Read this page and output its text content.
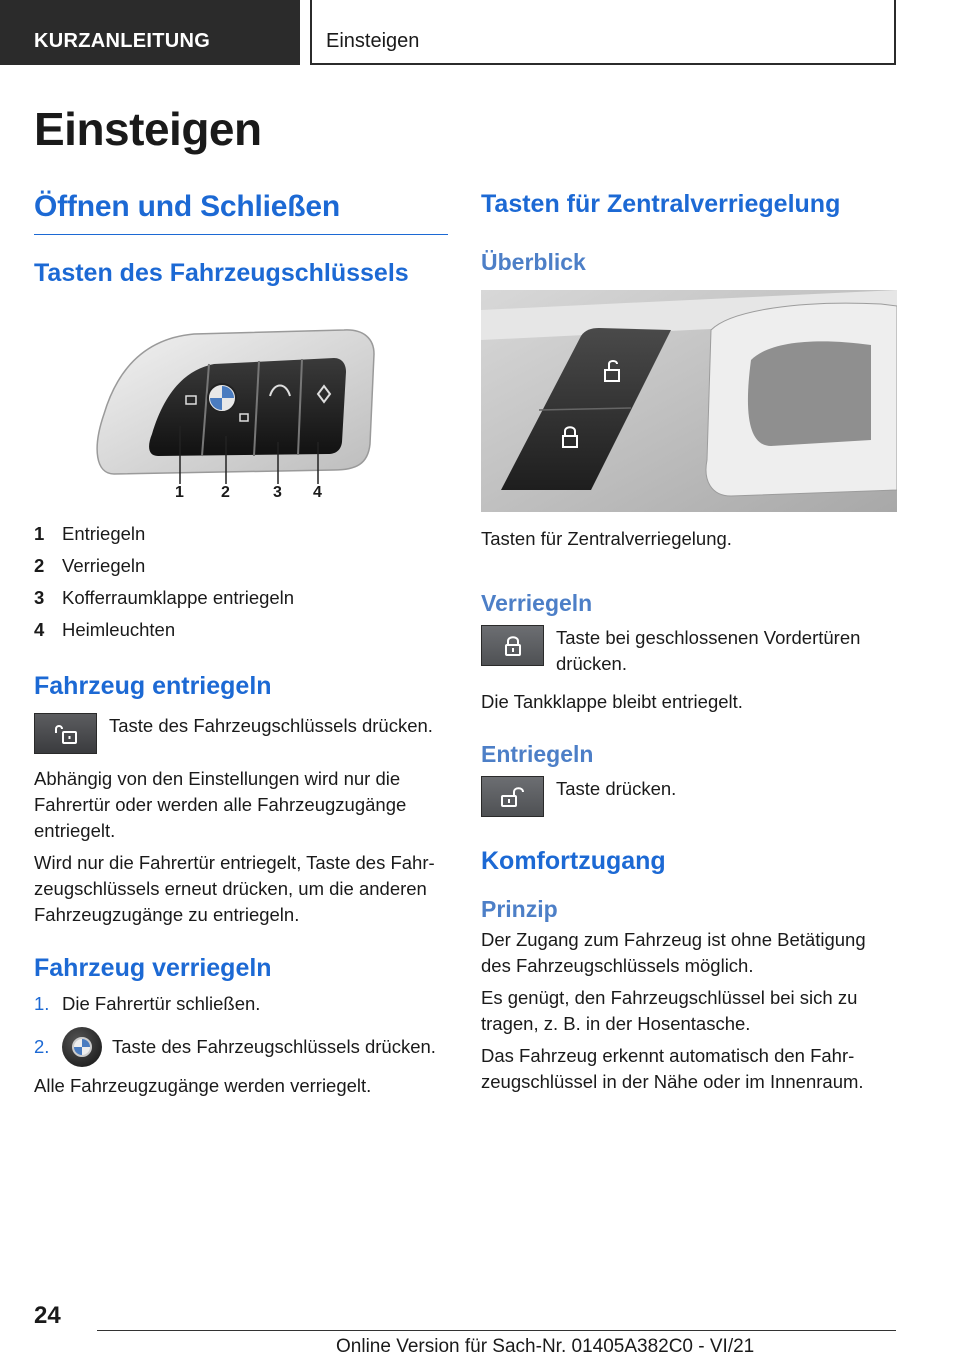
KURZANLEITUNG	Einsteigen
Einsteigen
Öffnen und Schließen
Tasten des Fahrzeugschlüssels
1 2	3 4
1 Entriegeln
2 Verriegeln
3 Kofferraumklappe entriegeln
4 Heimleuchten
Fahrzeug entriegeln
Taste des Fahrzeugschlüssels drücken.
Abhängig von den Einstellungen wird nur die Fahrertür oder werden alle Fahrzeugzugänge entriegelt.
Wird nur die Fahrertür entriegelt, Taste des Fahrzeugschlüssels erneut drücken, um die anderen Fahrzeugzugänge zu entriegeln.
Fahrzeug verriegeln
1. Die Fahrertür schließen.
2.	Taste des Fahrzeugschlüssels drücken.
Alle Fahrzeugzugänge werden verriegelt.
Tasten für Zentralverriegelung
Überblick
Tasten für Zentralverriegelung.
Verriegeln
Taste bei geschlossenen Vordertüren drücken.
Die Tankklappe bleibt entriegelt.
Entriegeln
Taste drücken.
Komfortzugang
Prinzip
Der Zugang zum Fahrzeug ist ohne Betätigung des Fahrzeugschlüssels möglich.
Es genügt, den Fahrzeugschlüssel bei sich zu tragen, z. B. in der Hosentasche.
Das Fahrzeug erkennt automatisch den Fahrzeugschlüssel in der Nähe oder im Innenraum.
24
Online Version für Sach-Nr. 01405A382C0 - VI/21
